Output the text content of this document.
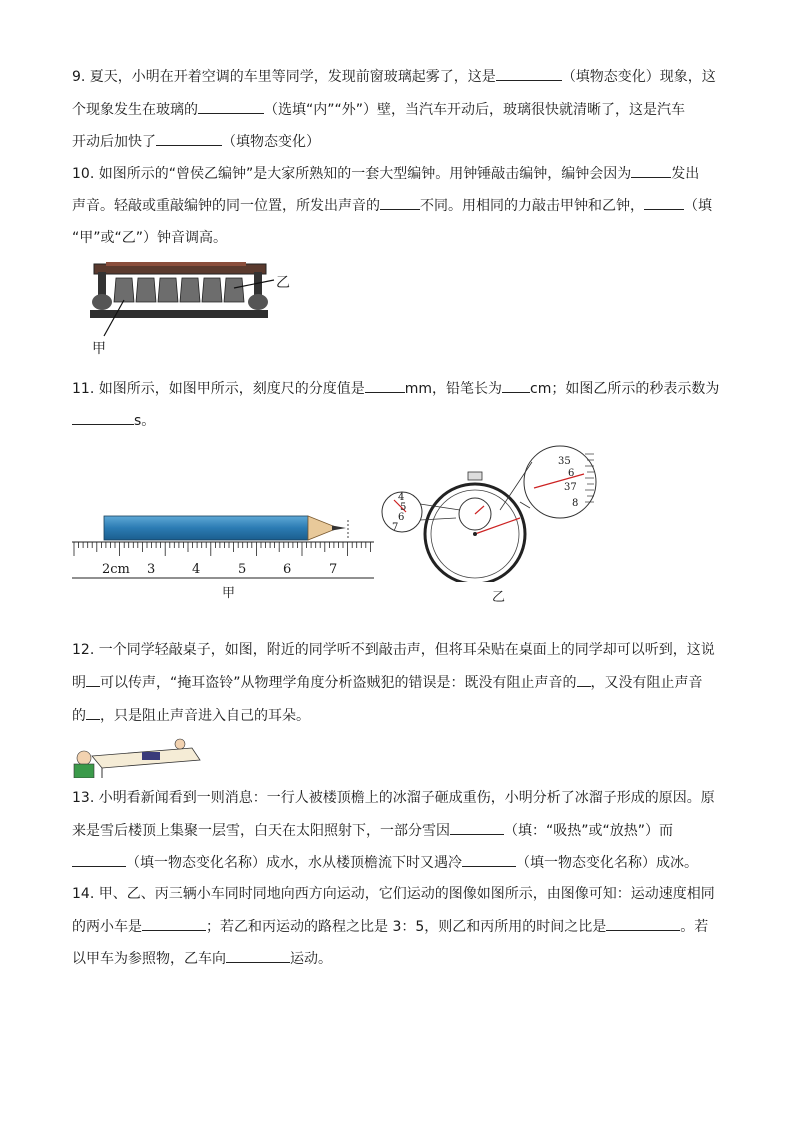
9. 夏天，小明在开着空调的车里等同学，发现前窗玻璃起雾了，这是	（填物态变化）现象，这
个现象发生在玻璃的	（选填“内”“外”）壁，当汽车开动后，玻璃很快就清晰了，这是汽车
开动后加快了	（填物态变化）
10. 如图所示的“曾侯乙编钟”是大家所熟知的一套大型编钟。用钟锤敲击编钟，编钟会因为	发出
声音。轻敲或重敲编钟的同一位置，所发出声音的	不同。用相同的力敲击甲钟和乙钟，	（填
“甲”或“乙”）钟音调高。
甲
乙
11. 如图所示，如图甲所示，刻度尺的分度值是	mm，铅笔长为 cm；如图乙所示的秒表示数为
s。
2cm 3	4	5	6	7
甲
4
5
6
7
35
6
37
8
乙
12. 一个同学轻敲桌子，如图，附近的同学听不到敲击声，但将耳朵贴在桌面上的同学却可以听到，这说
明 可以传声，“掩耳盗铃”从物理学角度分析盗贼犯的错误是：既没有阻止声音的 ，又没有阻止声音
的 ，只是阻止声音进入自己的耳朵。
13. 小明看新闻看到一则消息：一行人被楼顶檐上的冰溜子砸成重伤，小明分析了冰溜子形成的原因。原
来是雪后楼顶上集聚一层雪，白天在太阳照射下，一部分雪因	（填：“吸热”或“放热”）而
（填一物态变化名称）成水，水从楼顶檐流下时又遇冷	（填一物态变化名称）成冰。
14. 甲、乙、丙三辆小车同时同地向西方向运动，它们运动的图像如图所示，由图像可知：运动速度相同
的两小车是	；若乙和丙运动的路程之比是 3：5，则乙和丙所用的时间之比是	。若
以甲车为参照物，乙车向	运动。
